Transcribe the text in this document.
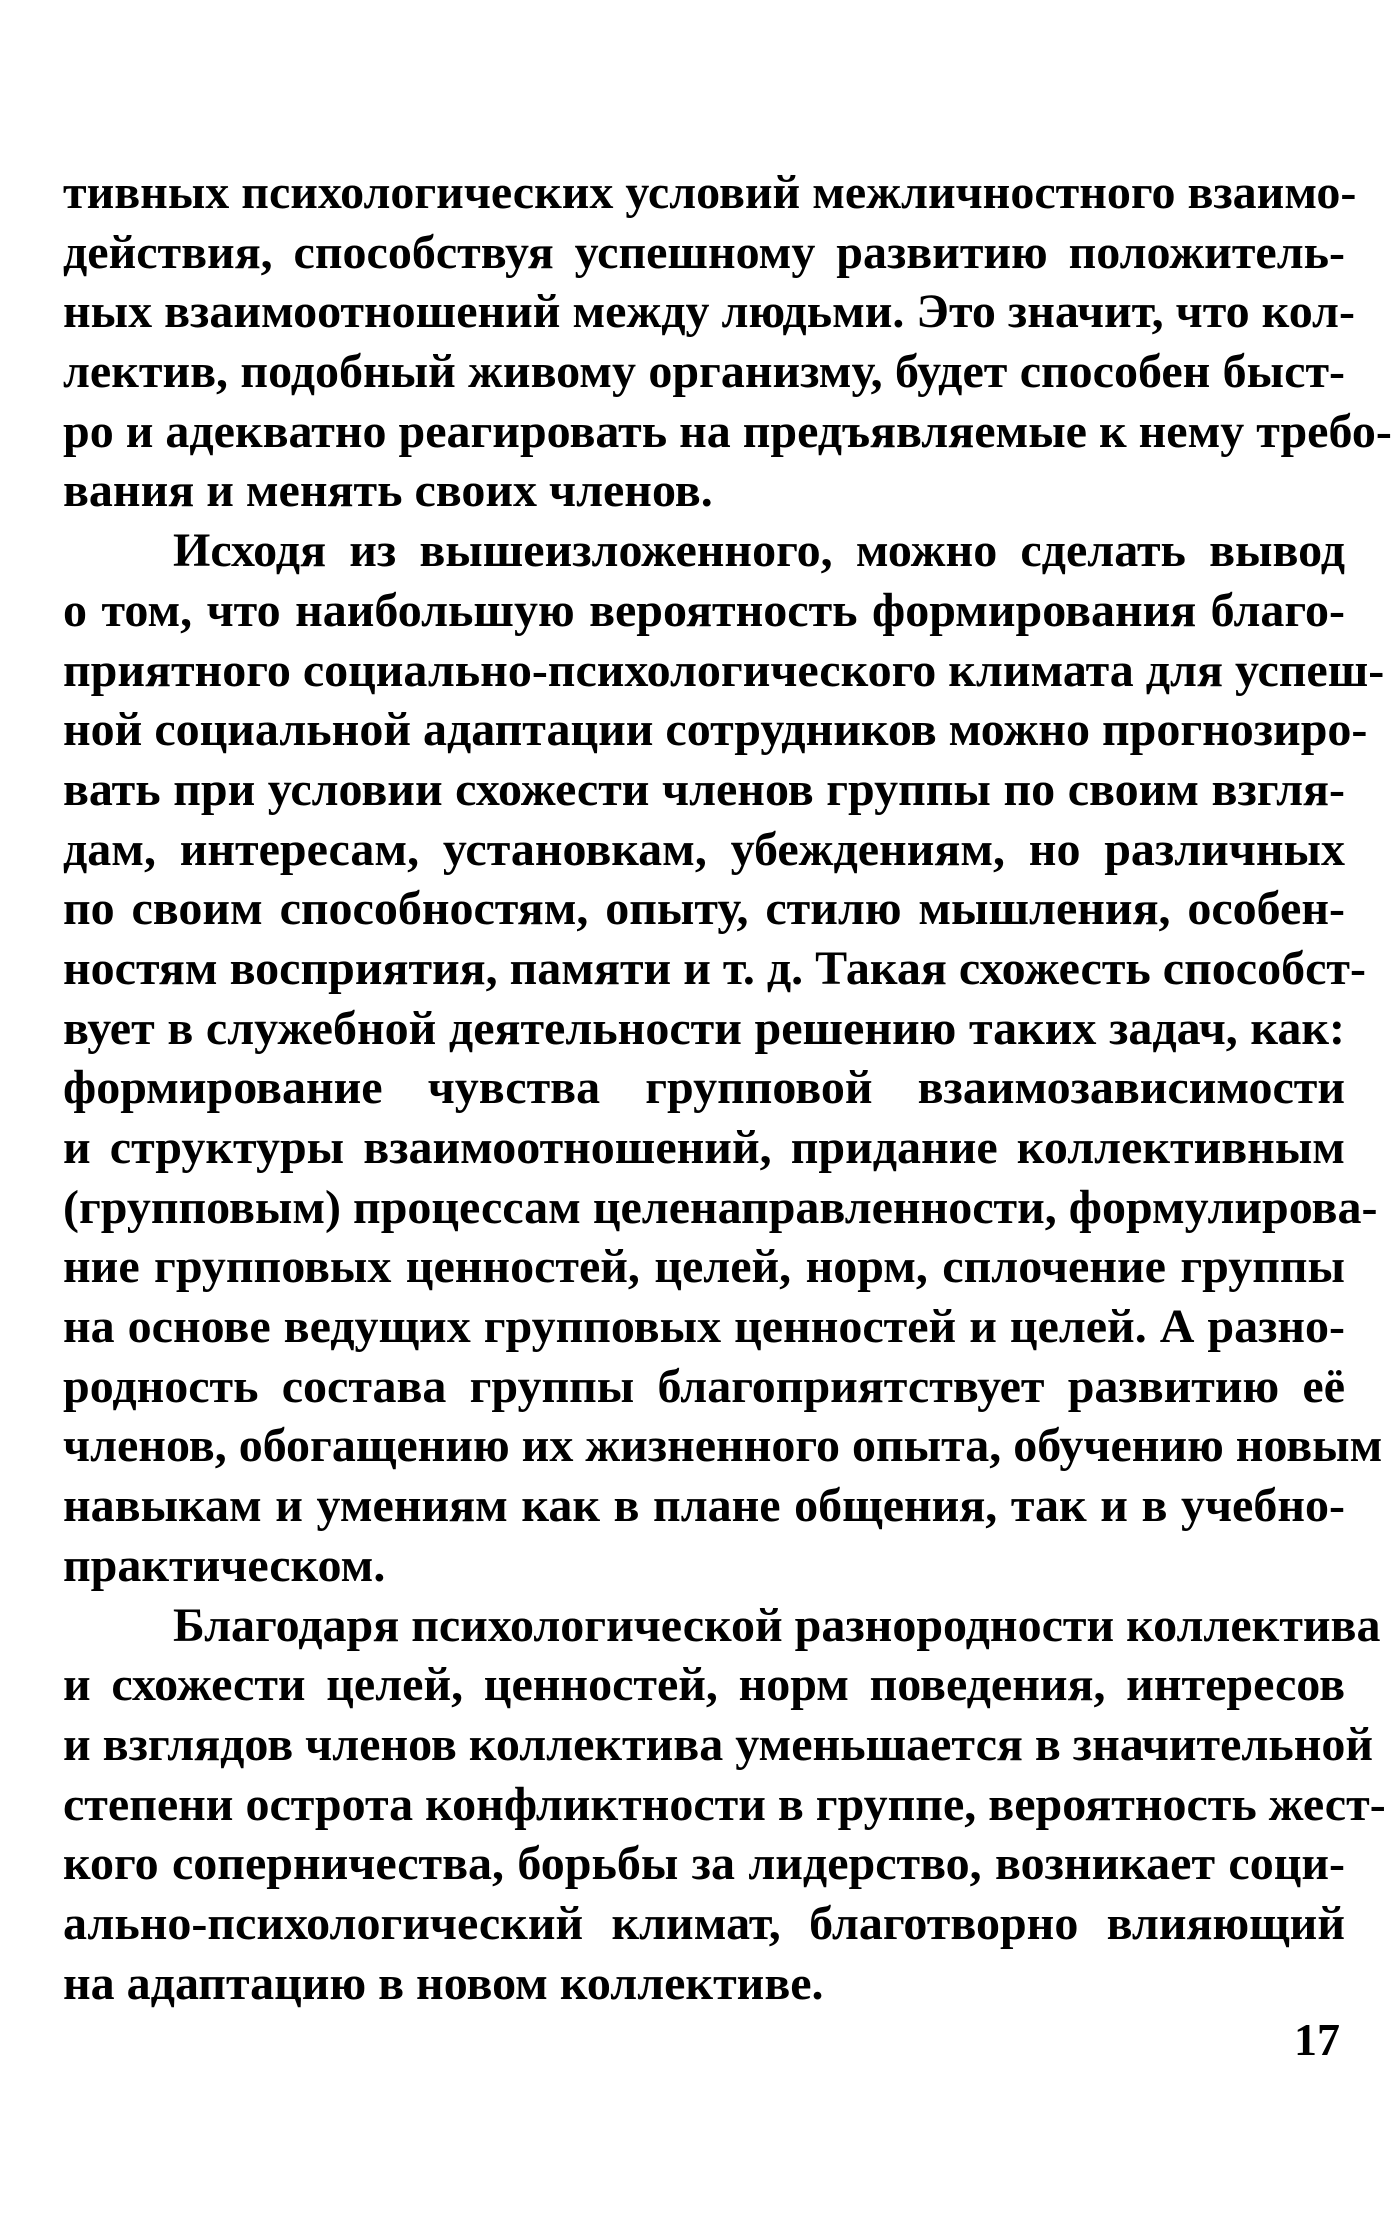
тивных психологических условий межличностного взаимо-
действия, способствуя успешному развитию положитель-
ных взаимоотношений между людьми. Это значит, что кол-
лектив, подобный живому организму, будет способен быст-
ро и адекватно реагировать на предъявляемые к нему требо-
вания и менять своих членов.
Исходя из вышеизложенного, можно сделать вывод
о том, что наибольшую вероятность формирования благо-
приятного социально-психологического климата для успеш-
ной социальной адаптации сотрудников можно прогнозиро-
вать при условии схожести членов группы по своим взгля-
дам, интересам, установкам, убеждениям, но различных
по своим способностям, опыту, стилю мышления, особен-
ностям восприятия, памяти и т. д. Такая схожесть способст-
вует в служебной деятельности решению таких задач, как:
формирование чувства групповой взаимозависимости
и структуры взаимоотношений, придание коллективным
(групповым) процессам целенаправленности, формулирова-
ние групповых ценностей, целей, норм, сплочение группы
на основе ведущих групповых ценностей и целей. А разно-
родность состава группы благоприятствует развитию её
членов, обогащению их жизненного опыта, обучению новым
навыкам и умениям как в плане общения, так и в учебно-
практическом.
Благодаря психологической разнородности коллектива
и схожести целей, ценностей, норм поведения, интересов
и взглядов членов коллектива уменьшается в значительной
степени острота конфликтности в группе, вероятность жест-
кого соперничества, борьбы за лидерство, возникает соци-
ально-психологический климат, благотворно влияющий
на адаптацию в новом коллективе.
17
